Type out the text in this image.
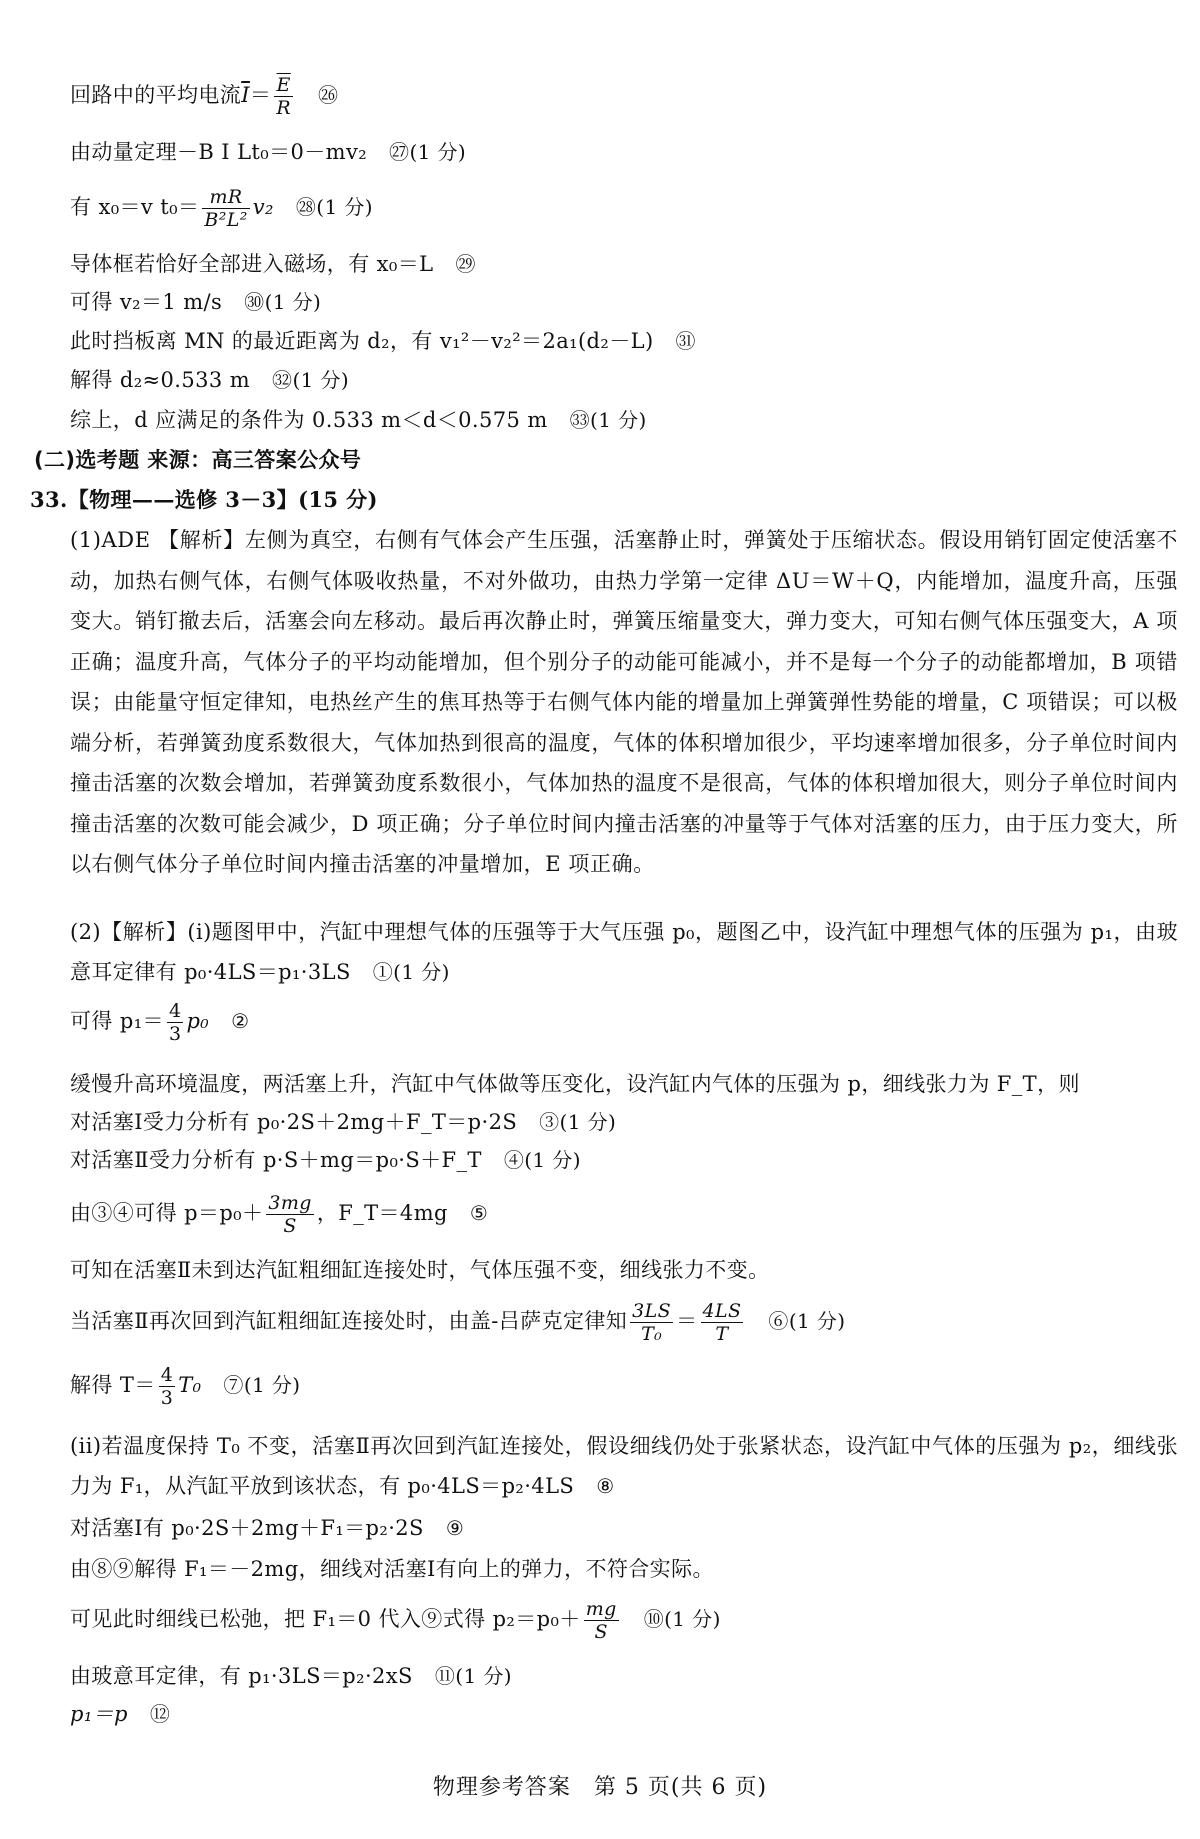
回路中的平均电流$\overline{I}= \frac{\overline{E}}{R}$ ㉖
由动量定理－B I Lt₀＝0－mv₂ ㉗(1 分)
有 x₀＝v $t_0= \frac{mR}{\text{B²L²}} v_2$ ㉘(1 分)
导体框若恰好全部进入磁场，有 x₀＝L ㉙
可得 v₂＝1 m/s ㉚(1 分)
此时挡板离 MN 的最近距离为 d₂，有 v₁²－v₂²＝2a₁(d₂－L) ㉛
解得 d₂≈0.533 m ㉜(1 分)
综上，d 应满足的条件为 0.533 m＜d＜0.575 m ㉝(1 分)
(二)选考题 来源：高三答案公众号
33.【物理——选修 3－3】(15 分)
(1)ADE 【解析】左侧为真空，右侧有气体会产生压强，活塞静止时，弹簧处于压缩状态。假设用销钉固定使活塞不动，加热右侧气体，右侧气体吸收热量，不对外做功，由热力学第一定律 ΔU＝W＋Q，内能增加，温度升高，压强变大。销钉撤去后，活塞会向左移动。最后再次静止时，弹簧压缩量变大，弹力变大，可知右侧气体压强变大，A 项正确；温度升高，气体分子的平均动能增加，但个别分子的动能可能减小，并不是每一个分子的动能都增加，B 项错误；由能量守恒定律知，电热丝产生的焦耳热等于右侧气体内能的增量加上弹簧弹性势能的增量，C 项错误；可以极端分析，若弹簧劲度系数很大，气体加热到很高的温度，气体的体积增加很少，平均速率增加很多，分子单位时间内撞击活塞的次数会增加，若弹簧劲度系数很小，气体加热的温度不是很高，气体的体积增加很大，则分子单位时间内撞击活塞的次数可能会减少，D 项正确；分子单位时间内撞击活塞的冲量等于气体对活塞的压力，由于压力变大，所以右侧气体分子单位时间内撞击活塞的冲量增加，E 项正确。
(2)【解析】(i)题图甲中，汽缸中理想气体的压强等于大气压强 p₀，题图乙中，设汽缸中理想气体的压强为 p₁，由玻意耳定律有 p₀·4LS＝p₁·3LS ①(1 分)
可得 $p_1= \frac{4}{3} p_0$ ②
缓慢升高环境温度，两活塞上升，汽缸中气体做等压变化，设汽缸内气体的压强为 p，细线张力为 F_T，则
对活塞Ⅰ受力分析有 p₀·2S＋2mg＋F_T＝p·2S ③(1 分)
对活塞Ⅱ受力分析有 p·S＋mg＝p₀·S＋F_T ④(1 分)
由③④可得 $p=p_0+ \frac{3mg}{S}$ ，F_T＝4mg ⑤
可知在活塞Ⅱ未到达汽缸粗细缸连接处时，气体压强不变，细线张力不变。
当活塞Ⅱ再次回到汽缸粗细缸连接处时，由盖-吕萨克定律知 $\frac{3LS}{\text{T₀}} = \frac{4LS}{T}$ ⑥(1 分)
解得 $T= \frac{4}{3} T_0$ ⑦(1 分)
(ii)若温度保持 T₀ 不变，活塞Ⅱ再次回到汽缸连接处，假设细线仍处于张紧状态，设汽缸中气体的压强为 p₂，细线张力为 F₁，从汽缸平放到该状态，有 p₀·4LS＝p₂·4LS ⑧
对活塞Ⅰ有 p₀·2S＋2mg＋F₁＝p₂·2S ⑨
由⑧⑨解得 F₁＝－2mg，细线对活塞Ⅰ有向上的弹力，不符合实际。
可见此时细线已松弛，把 F₁＝0 代入⑨式得 $p_2=p_0+ \frac{mg}{S}$ ⑩(1 分)
由玻意耳定律，有 p₁·3LS＝p₂·2xS ⑪(1 分)
p₁＝p ⑫
物理参考答案　第 5 页(共 6 页)
